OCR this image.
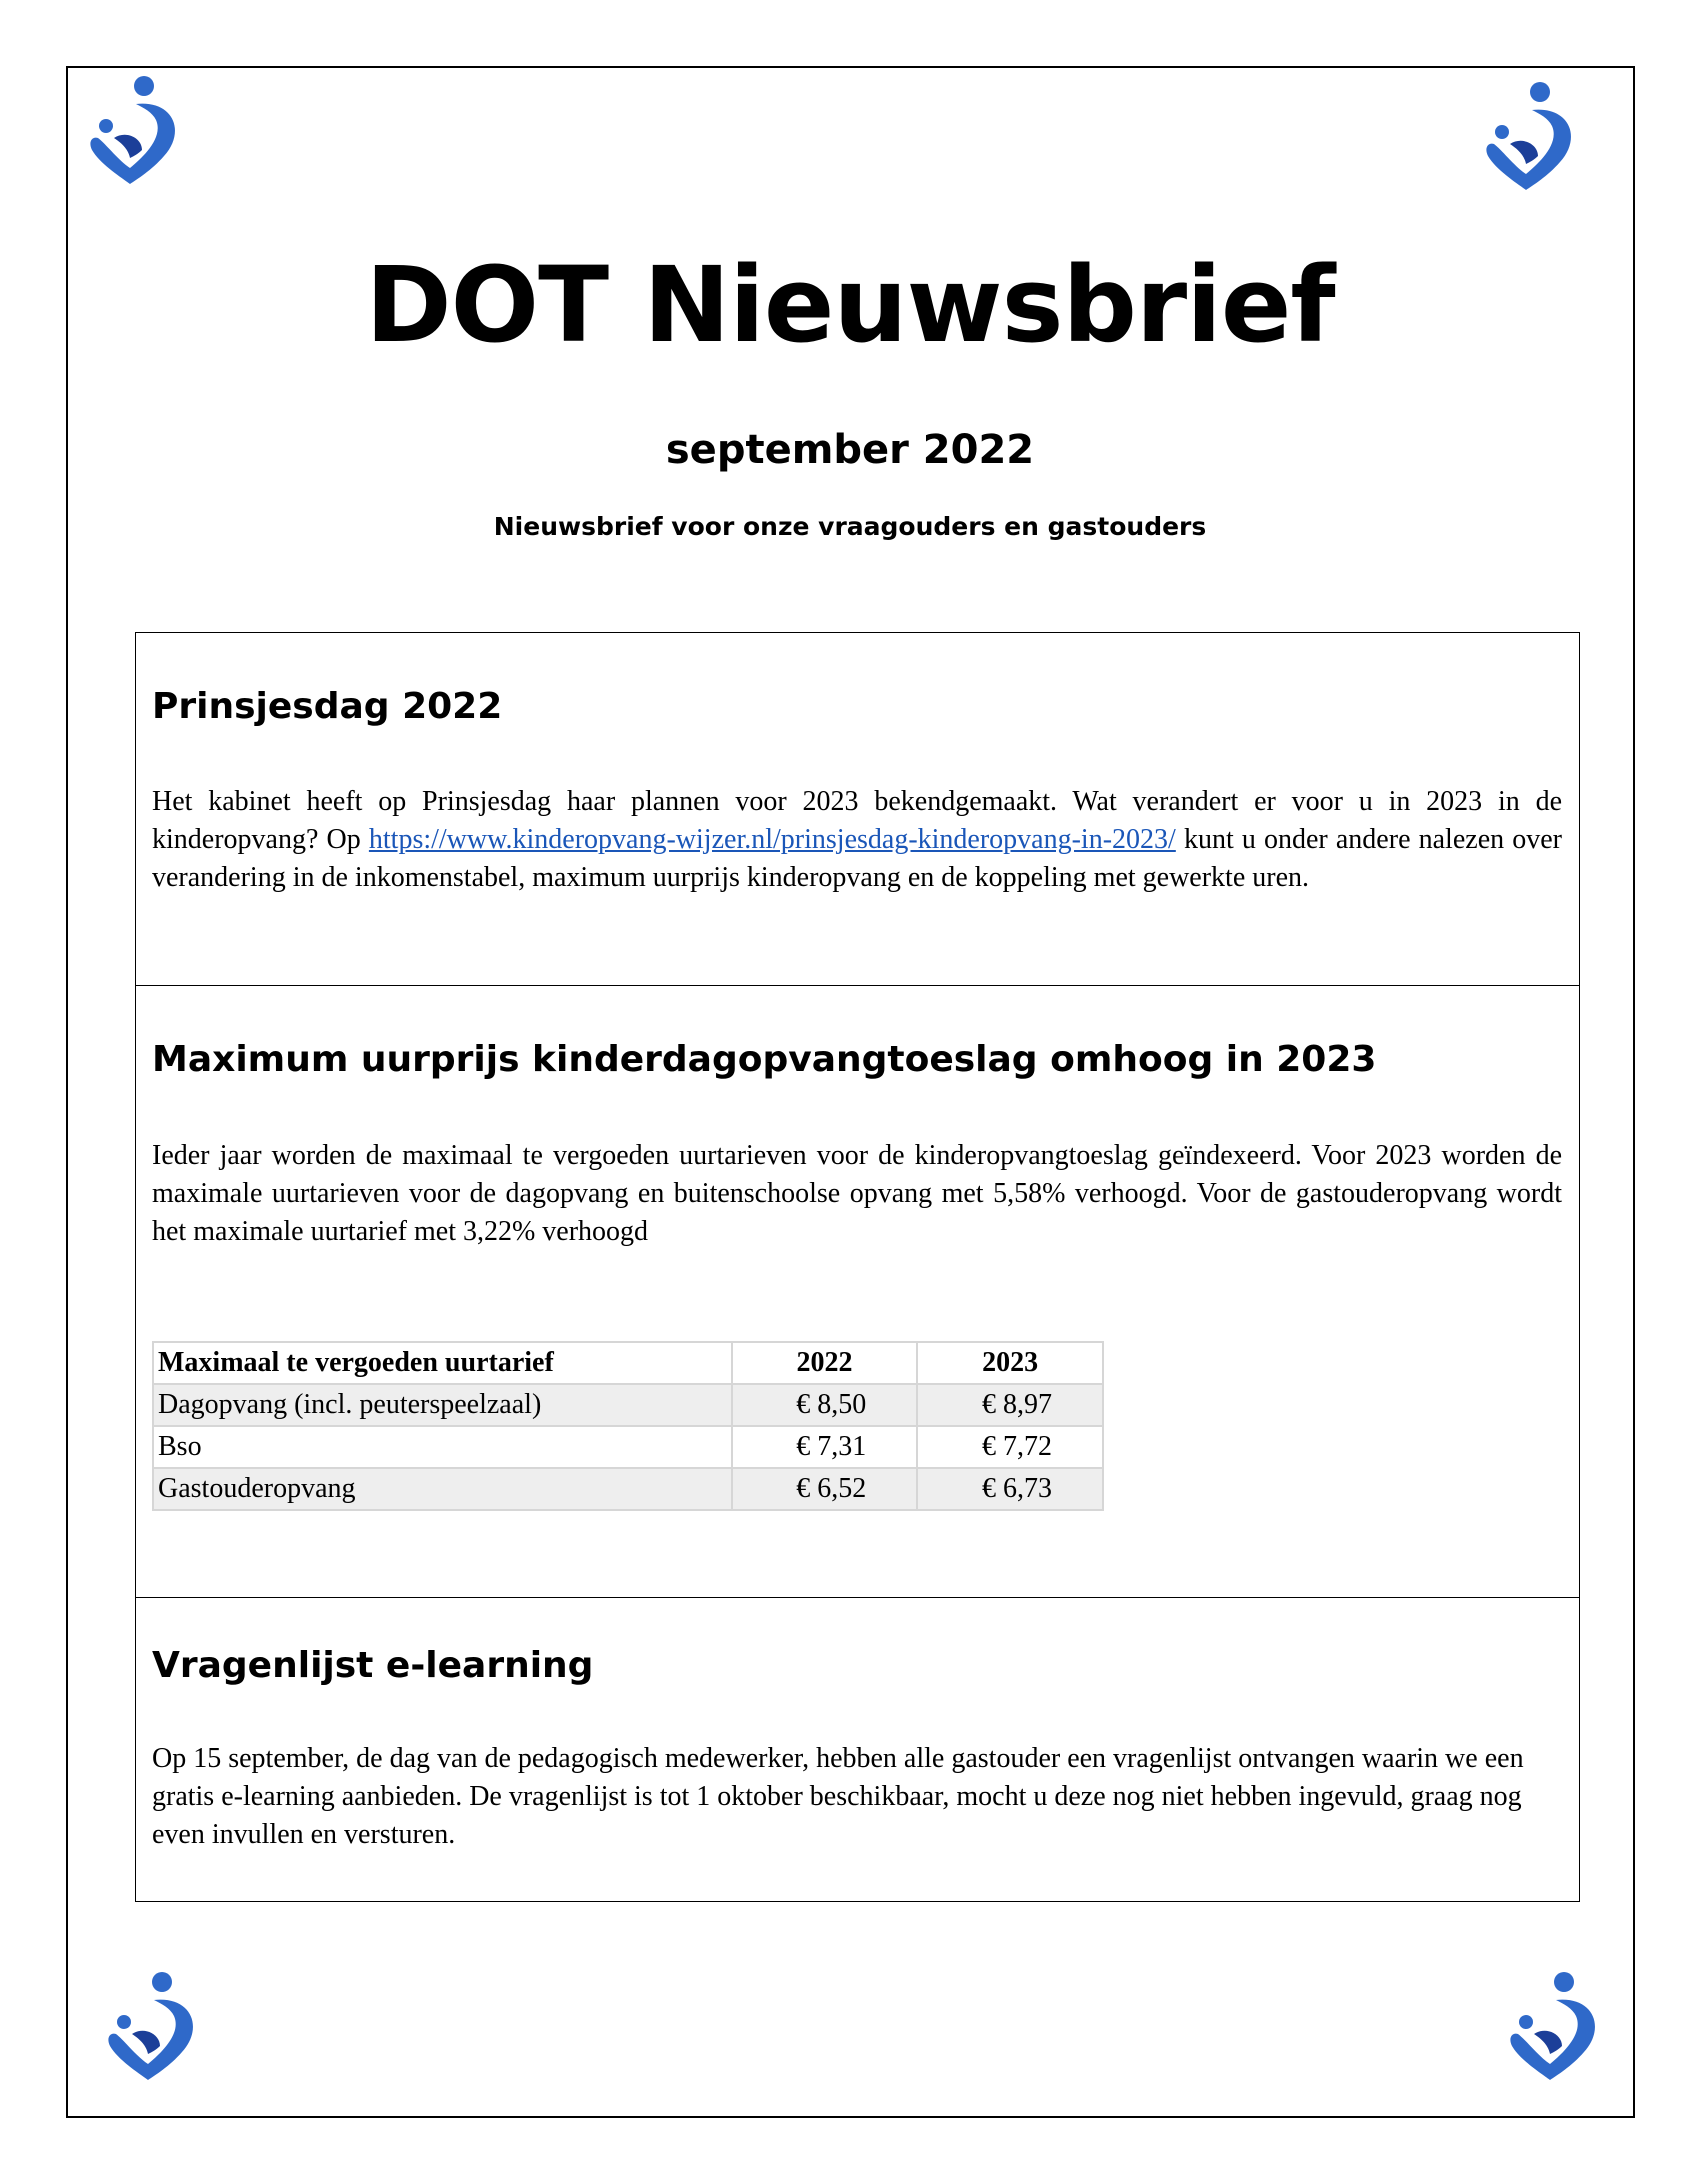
DOT Nieuwsbrief
september 2022
Nieuwsbrief voor onze vraagouders en gastouders
Prinsjesdag 2022
Het kabinet heeft op Prinsjesdag haar plannen voor 2023 bekendgemaakt. Wat verandert er voor u in 2023 in de kinderopvang? Op https://www.kinderopvang-wijzer.nl/prinsjesdag-kinderopvang-in-2023/ kunt u onder andere nalezen over verandering in de inkomenstabel, maximum uurprijs kinderopvang en de koppeling met gewerkte uren.
Maximum uurprijs kinderdagopvangtoeslag omhoog in 2023
Ieder jaar worden de maximaal te vergoeden uurtarieven voor de kinderopvangtoeslag geïndexeerd. Voor 2023 worden de maximale uurtarieven voor de dagopvang en buitenschoolse opvang met 5,58% verhoogd. Voor de gastouderopvang wordt het maximale uurtarief met 3,22% verhoogd
Maximaal te vergoeden uurtarief	2022	2023
Dagopvang (incl. peuterspeelzaal)	€ 8,50	€ 8,97
Bso	€ 7,31	€ 7,72
Gastouderopvang	€ 6,52	€ 6,73
Vragenlijst e-learning
Op 15 september, de dag van de pedagogisch medewerker, hebben alle gastouder een vragenlijst ontvangen waarin we een gratis e-learning aanbieden. De vragenlijst is tot 1 oktober beschikbaar, mocht u deze nog niet hebben ingevuld, graag nog even invullen en versturen.
